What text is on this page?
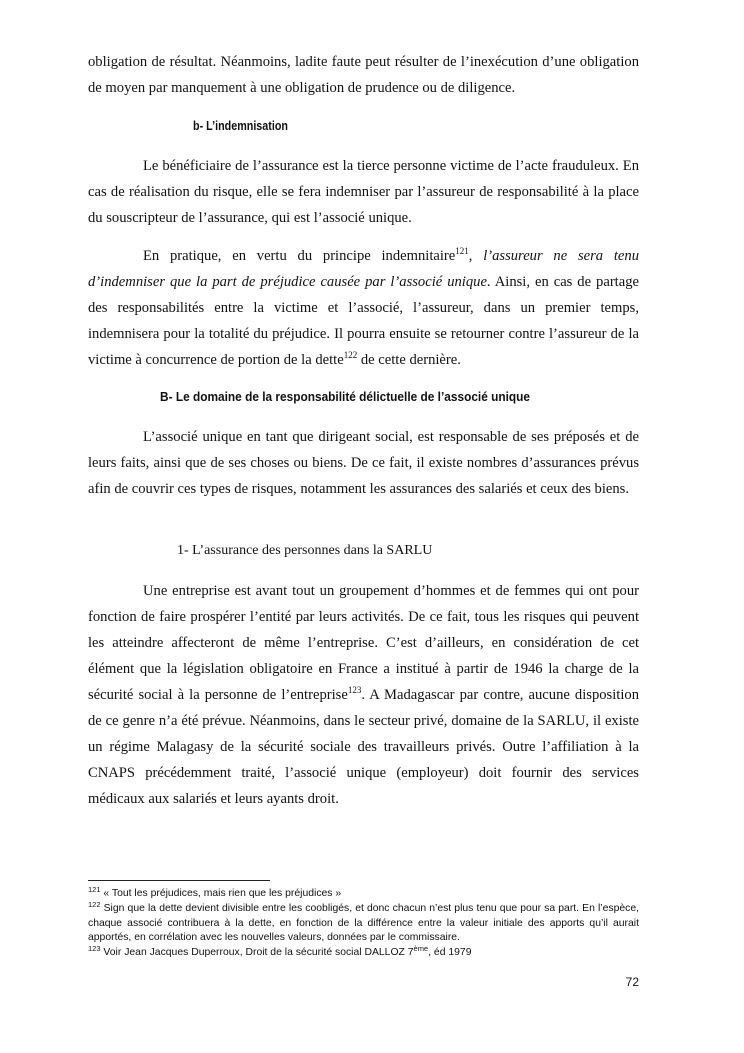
obligation de résultat. Néanmoins, ladite faute peut résulter de l’inexécution d’une obligation de moyen par manquement à une obligation de prudence ou de diligence.

b- L’indemnisation

Le bénéficiaire de l’assurance est la tierce personne victime de l’acte frauduleux. En cas de réalisation du risque, elle se fera indemniser par l’assureur de responsabilité à la place du souscripteur de l’assurance, qui est l’associé unique.

En pratique, en vertu du principe indemnitaire$^{121}$, l’assureur ne sera tenu d’indemniser que la part de préjudice causée par l’associé unique. Ainsi, en cas de partage des responsabilités entre la victime et l’associé, l’assureur, dans un premier temps, indemnisera pour la totalité du préjudice. Il pourra ensuite se retourner contre l’assureur de la victime à concurrence de portion de la dette$^{122}$ de cette dernière.

B- Le domaine de la responsabilité délictuelle de l’associé unique

L’associé unique en tant que dirigeant social, est responsable de ses préposés et de leurs faits, ainsi que de ses choses ou biens. De ce fait, il existe nombres d’assurances prévus afin de couvrir ces types de risques, notamment les assurances des salariés et ceux des biens.

1- L’assurance des personnes dans la SARLU

Une entreprise est avant tout un groupement d’hommes et de femmes qui ont pour fonction de faire prospérer l’entité par leurs activités. De ce fait, tous les risques qui peuvent les atteindre affecteront de même l’entreprise. C’est d’ailleurs, en considération de cet élément que la législation obligatoire en France a institué à partir de 1946 la charge de la sécurité social à la personne de l’entreprise$^{123}$. A Madagascar par contre, aucune disposition de ce genre n’a été prévue. Néanmoins, dans le secteur privé, domaine de la SARLU, il existe un régime Malagasy de la sécurité sociale des travailleurs privés. Outre l’affiliation à la CNAPS précédemment traité, l’associé unique (employeur) doit fournir des services médicaux aux salariés et leurs ayants droit.

$^{121}$ « Tout les préjudices, mais rien que les préjudices »

$^{122}$ Sign que la dette devient divisible entre les coobligés, et donc chacun n’est plus tenu que pour sa part. En l’espèce, chaque associé contribuera à la dette, en fonction de la différence entre la valeur initiale des apports qu’il aurait apportés, en corrélation avec les nouvelles valeurs, données par le commissaire.

$^{123}$ Voir Jean Jacques Duperroux, Droit de la sécurité social DALLOZ 7ème, éd 1979

72
